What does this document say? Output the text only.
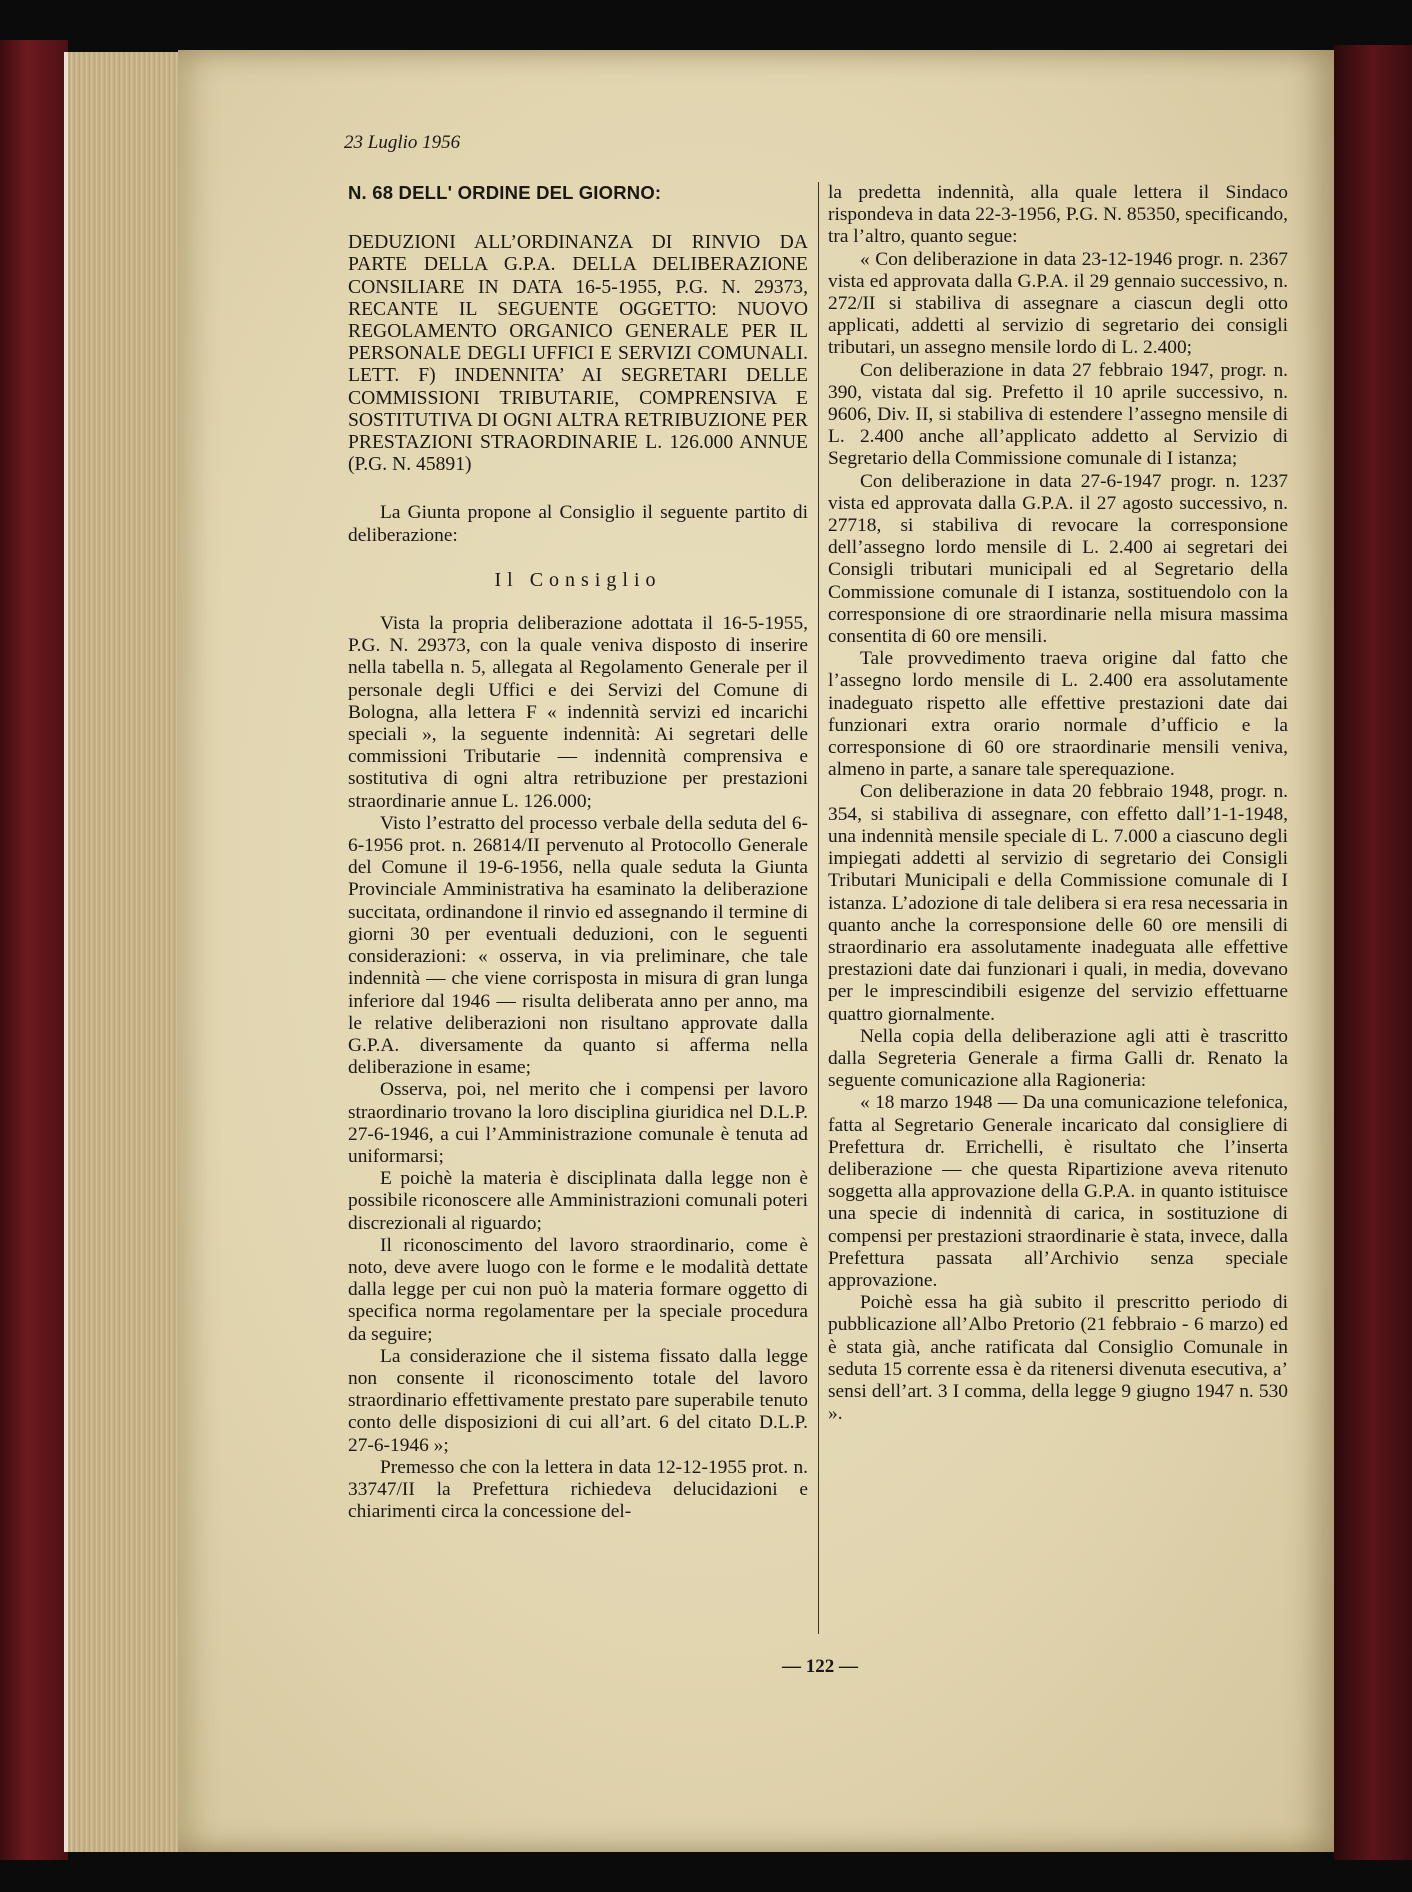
23 Luglio 1956
N. 68 DELL' ORDINE DEL GIORNO:
DEDUZIONI ALL’ORDINANZA DI RINVIO DA PARTE DELLA G.P.A. DELLA DELIBERAZIONE CONSILIARE IN DATA 16-5-1955, P.G. N. 29373, RECANTE IL SEGUENTE OGGETTO: NUOVO REGOLAMENTO ORGANICO GENERALE PER IL PERSONALE DEGLI UFFICI E SERVIZI COMUNALI. LETT. F) INDENNITA’ AI SEGRETARI DELLE COMMISSIONI TRIBUTARIE, COMPRENSIVA E SOSTITUTIVA DI OGNI ALTRA RETRIBUZIONE PER PRESTAZIONI STRAORDINARIE L. 126.000 ANNUE (P.G. N. 45891)

La Giunta propone al Consiglio il seguente partito di deliberazione:

Il Consiglio

Vista la propria deliberazione adottata il 16-5-1955, P.G. N. 29373, con la quale veniva disposto di inserire nella tabella n. 5, allegata al Regolamento Generale per il personale degli Uffici e dei Servizi del Comune di Bologna, alla lettera F « indennità servizi ed incarichi speciali », la seguente indennità: Ai segretari delle commissioni Tributarie — indennità comprensiva e sostitutiva di ogni altra retribuzione per prestazioni straordinarie annue L. 126.000;

Visto l’estratto del processo verbale della seduta del 6-6-1956 prot. n. 26814/II pervenuto al Protocollo Generale del Comune il 19-6-1956, nella quale seduta la Giunta Provinciale Amministrativa ha esaminato la deliberazione succitata, ordinandone il rinvio ed assegnando il termine di giorni 30 per eventuali deduzioni, con le seguenti considerazioni: « osserva, in via preliminare, che tale indennità — che viene corrisposta in misura di gran lunga inferiore dal 1946 — risulta deliberata anno per anno, ma le relative deliberazioni non risultano approvate dalla G.P.A. diversamente da quanto si afferma nella deliberazione in esame;

Osserva, poi, nel merito che i compensi per lavoro straordinario trovano la loro disciplina giuridica nel D.L.P. 27-6-1946, a cui l’Amministrazione comunale è tenuta ad uniformarsi;

E poichè la materia è disciplinata dalla legge non è possibile riconoscere alle Amministrazioni comunali poteri discrezionali al riguardo;

Il riconoscimento del lavoro straordinario, come è noto, deve avere luogo con le forme e le modalità dettate dalla legge per cui non può la materia formare oggetto di specifica norma regolamentare per la speciale procedura da seguire;

La considerazione che il sistema fissato dalla legge non consente il riconoscimento totale del lavoro straordinario effettivamente prestato pare superabile tenuto conto delle disposizioni di cui all’art. 6 del citato D.L.P. 27-6-1946 »;

Premesso che con la lettera in data 12-12-1955 prot. n. 33747/II la Prefettura richiedeva delucidazioni e chiarimenti circa la concessione del-

la predetta indennità, alla quale lettera il Sindaco rispondeva in data 22-3-1956, P.G. N. 85350, specificando, tra l’altro, quanto segue:

« Con deliberazione in data 23-12-1946 progr. n. 2367 vista ed approvata dalla G.P.A. il 29 gennaio successivo, n. 272/II si stabiliva di assegnare a ciascun degli otto applicati, addetti al servizio di segretario dei consigli tributari, un assegno mensile lordo di L. 2.400;

Con deliberazione in data 27 febbraio 1947, progr. n. 390, vistata dal sig. Prefetto il 10 aprile successivo, n. 9606, Div. II, si stabiliva di estendere l’assegno mensile di L. 2.400 anche all’applicato addetto al Servizio di Segretario della Commissione comunale di I istanza;

Con deliberazione in data 27-6-1947 progr. n. 1237 vista ed approvata dalla G.P.A. il 27 agosto successivo, n. 27718, si stabiliva di revocare la corresponsione dell’assegno lordo mensile di L. 2.400 ai segretari dei Consigli tributari municipali ed al Segretario della Commissione comunale di I istanza, sostituendolo con la corresponsione di ore straordinarie nella misura massima consentita di 60 ore mensili.

Tale provvedimento traeva origine dal fatto che l’assegno lordo mensile di L. 2.400 era assolutamente inadeguato rispetto alle effettive prestazioni date dai funzionari extra orario normale d’ufficio e la corresponsione di 60 ore straordinarie mensili veniva, almeno in parte, a sanare tale sperequazione.

Con deliberazione in data 20 febbraio 1948, progr. n. 354, si stabiliva di assegnare, con effetto dall’1-1-1948, una indennità mensile speciale di L. 7.000 a ciascuno degli impiegati addetti al servizio di segretario dei Consigli Tributari Municipali e della Commissione comunale di I istanza. L’adozione di tale delibera si era resa necessaria in quanto anche la corresponsione delle 60 ore mensili di straordinario era assolutamente inadeguata alle effettive prestazioni date dai funzionari i quali, in media, dovevano per le imprescindibili esigenze del servizio effettuarne quattro giornalmente.

Nella copia della deliberazione agli atti è trascritto dalla Segreteria Generale a firma Galli dr. Renato la seguente comunicazione alla Ragioneria:

« 18 marzo 1948 — Da una comunicazione telefonica, fatta al Segretario Generale incaricato dal consigliere di Prefettura dr. Errichelli, è risultato che l’inserta deliberazione — che questa Ripartizione aveva ritenuto soggetta alla approvazione della G.P.A. in quanto istituisce una specie di indennità di carica, in sostituzione di compensi per prestazioni straordinarie è stata, invece, dalla Prefettura passata all’Archivio senza speciale approvazione.

Poichè essa ha già subito il prescritto periodo di pubblicazione all’Albo Pretorio (21 febbraio - 6 marzo) ed è stata già, anche ratificata dal Consiglio Comunale in seduta 15 corrente essa è da ritenersi divenuta esecutiva, a’ sensi dell’art. 3 I comma, della legge 9 giugno 1947 n. 530 ».

— 122 —
